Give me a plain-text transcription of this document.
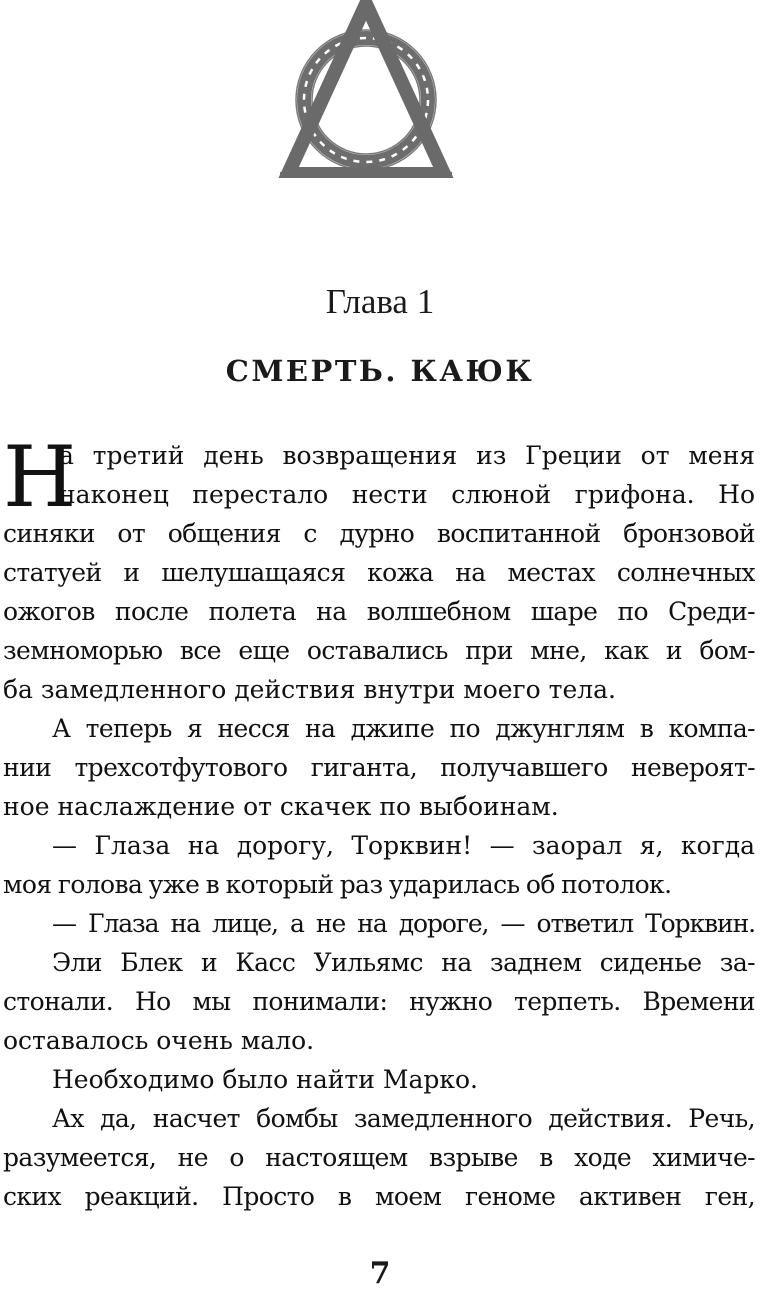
Глава 1
СМЕРТЬ. КАЮК
Н
а третий день возвращения из Греции от меня
наконец перестало нести слюной грифона. Но
синяки от общения с дурно воспитанной бронзовой
статуей и шелушащаяся кожа на местах солнечных
ожогов после полета на волшебном шаре по Среди-
земноморью все еще оставались при мне, как и бом-
ба замедленного действия внутри моего тела.
А теперь я несся на джипе по джунглям в компа-
нии трехсотфутового гиганта, получавшего невероят-
ное наслаждение от скачек по выбоинам.
— Глаза на дорогу, Торквин! — заорал я, когда
моя голова уже в который раз ударилась об потолок.
— Глаза на лице, а не на дороге, — ответил Торквин.
Эли Блек и Касс Уильямс на заднем сиденье за-
стонали. Но мы понимали: нужно терпеть. Времени
оставалось очень мало.
Необходимо было найти Марко.
Ах да, насчет бомбы замедленного действия. Речь,
разумеется, не о настоящем взрыве в ходе химиче-
ских реакций. Просто в моем геноме активен ген,
7
